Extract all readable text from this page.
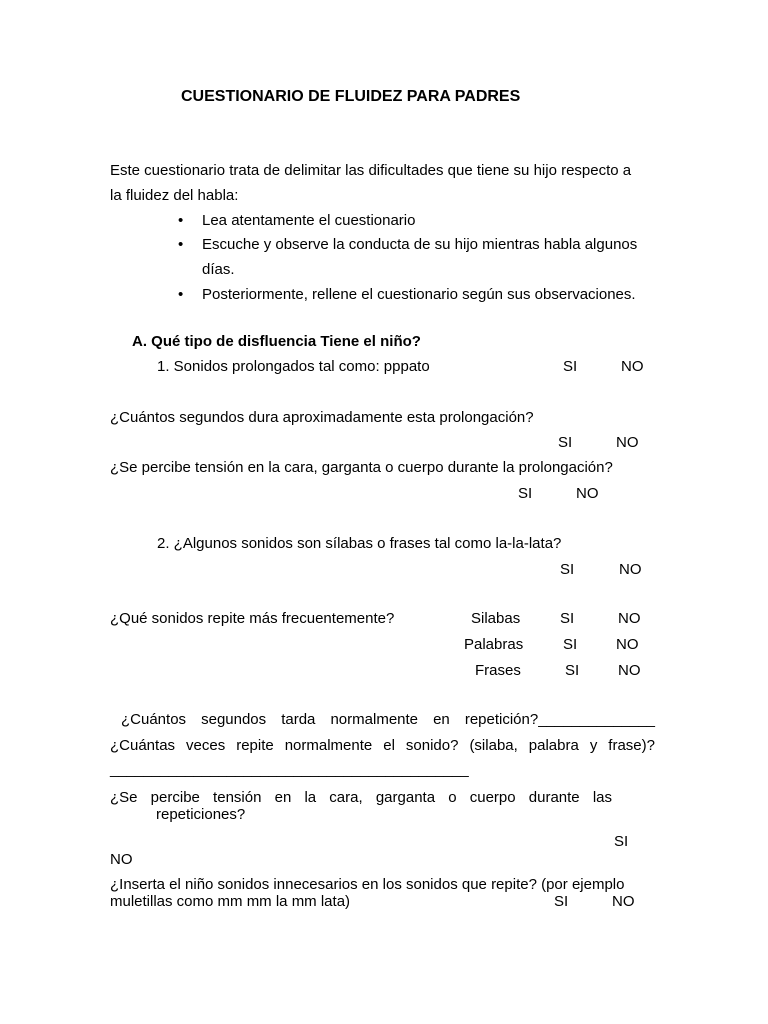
CUESTIONARIO DE FLUIDEZ PARA PADRES
Este cuestionario trata de delimitar las dificultades que tiene su hijo respecto a
la fluidez del habla:
• Lea atentamente el cuestionario
• Escuche y observe la conducta de su hijo mientras habla algunos
días.
• Posteriormente, rellene el cuestionario según sus observaciones.
A. Qué tipo de disfluencia Tiene el niño?
1. Sonidos prolongados tal como: pppato	SI	NO
¿Cuántos segundos dura aproximadamente esta prolongación?
SI	NO
¿Se percibe tensión en la cara, garganta o cuerpo durante la prolongación?
SI	NO
2. ¿Algunos sonidos son sílabas o frases tal como la-la-lata?
SI	NO
¿Qué sonidos repite más frecuentemente?	Silabas	SI	NO
Palabras	SI	NO
Frases	SI	NO
¿Cuántos segundos tarda normalmente en repetición?______________
¿Cuántas veces repite normalmente el sonido? (silaba, palabra y frase)?
___________________________________________
¿Se percibe tensión en la cara, garganta o cuerpo durante las
repeticiones?
SI
NO
¿Inserta el niño sonidos innecesarios en los sonidos que repite? (por ejemplo
muletillas como mm mm la mm lata)	SI	NO
